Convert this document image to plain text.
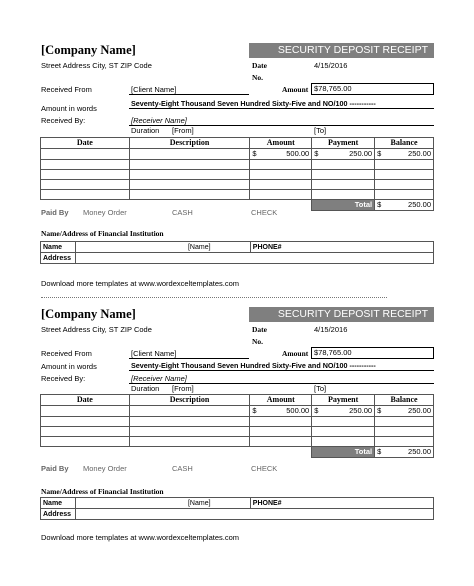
[Company Name]
Street Address City, ST ZIP Code
SECURITY DEPOSIT RECEIPT
Date	4/15/2016
No.
Received From	[Client Name]	Amount $78,765.00
Amount in words
Seventy-Eight Thousand Seven Hundred Sixty-Five and NO/100 -----------
Received By:	[Receiver Name]
Duration [From]	[To]
Date	Description	Amount	Payment	Balance

		$ 500.00	$ 250.00	$ 250.00

			Total	$ 250.00
Paid By Money Order	CASH	CHECK
Name/Address of Financial Institution
Name	[Name]	PHONE#
Address		
Download more templates at www.wordexceltemplates.com
[Company Name]
Street Address City, ST ZIP Code
SECURITY DEPOSIT RECEIPT
Date	4/15/2016
No.
Received From	[Client Name]	Amount $78,765.00
Amount in words	Seventy-Eight Thousand Seven Hundred Sixty-Five and NO/100 -----------
Received By:	[Receiver Name]
Duration [From]	[To]
Date	Description	Amount	Payment	Balance

		$ 500.00	$ 250.00	$ 250.00

			Total	$ 250.00
Paid By Money Order	CASH	CHECK
Name/Address of Financial Institution
Name	[Name]	PHONE#
Address		
Download more templates at www.wordexceltemplates.com
